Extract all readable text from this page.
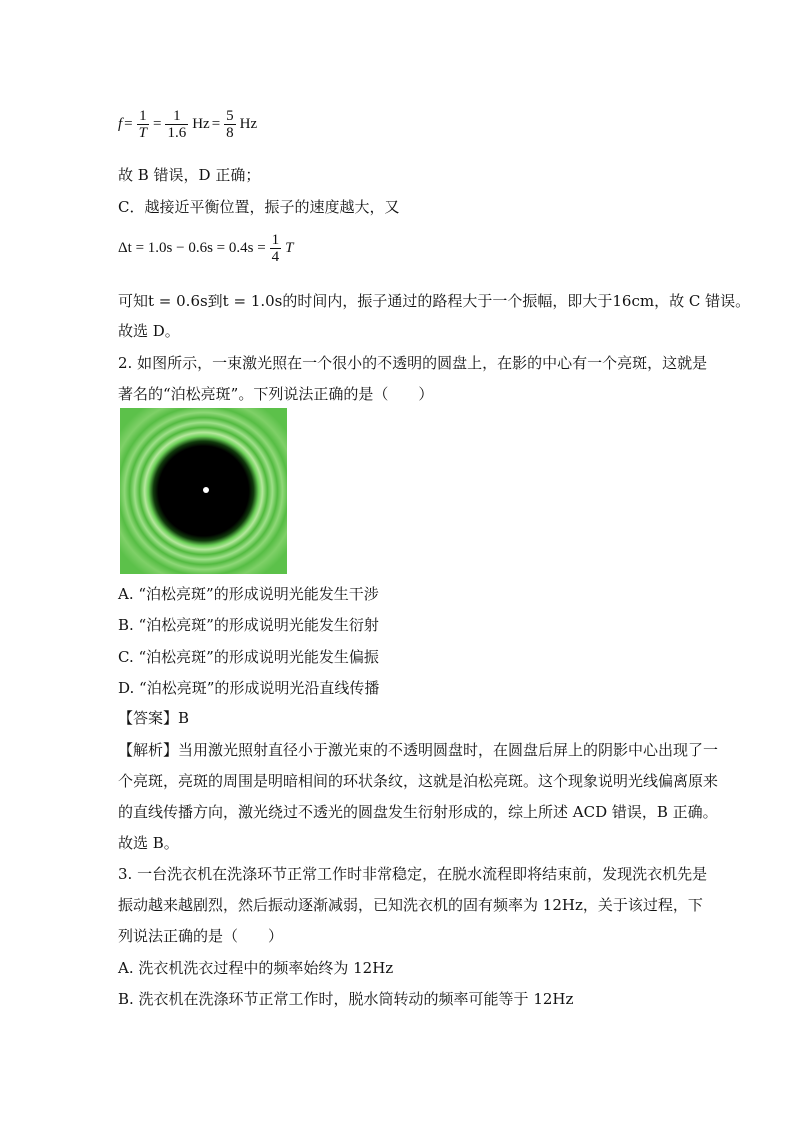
$f = \frac{1}{T} = \frac{1}{1.6}$ $Hz = \frac{5}{8}$ Hz
故 B 错误，D 正确；
C．越接近平衡位置，振子的速度越大，又
$\Delta t = 1.0s - 0.6s = 0.4s = \frac{1}{4}$ T
可知t = 0.6s到t = 1.0s的时间内，振子通过的路程大于一个振幅，即大于16cm，故 C 错误。
故选 D。
2. 如图所示，一束激光照在一个很小的不透明的圆盘上，在影的中心有一个亮斑，这就是
著名的“泊松亮斑”。下列说法正确的是（　　）
A. “泊松亮斑”的形成说明光能发生干涉
B. “泊松亮斑”的形成说明光能发生衍射
C. “泊松亮斑”的形成说明光能发生偏振
D. “泊松亮斑”的形成说明光沿直线传播
【答案】B
【解析】当用激光照射直径小于激光束的不透明圆盘时，在圆盘后屏上的阴影中心出现了一
个亮斑，亮斑的周围是明暗相间的环状条纹，这就是泊松亮斑。这个现象说明光线偏离原来
的直线传播方向，激光绕过不透光的圆盘发生衍射形成的，综上所述 ACD 错误，B 正确。
故选 B。
3. 一台洗衣机在洗涤环节正常工作时非常稳定，在脱水流程即将结束前，发现洗衣机先是
振动越来越剧烈，然后振动逐渐减弱，已知洗衣机的固有频率为 12Hz，关于该过程，下
列说法正确的是（　　）
A. 洗衣机洗衣过程中的频率始终为 12Hz
B. 洗衣机在洗涤环节正常工作时，脱水筒转动的频率可能等于 12Hz
